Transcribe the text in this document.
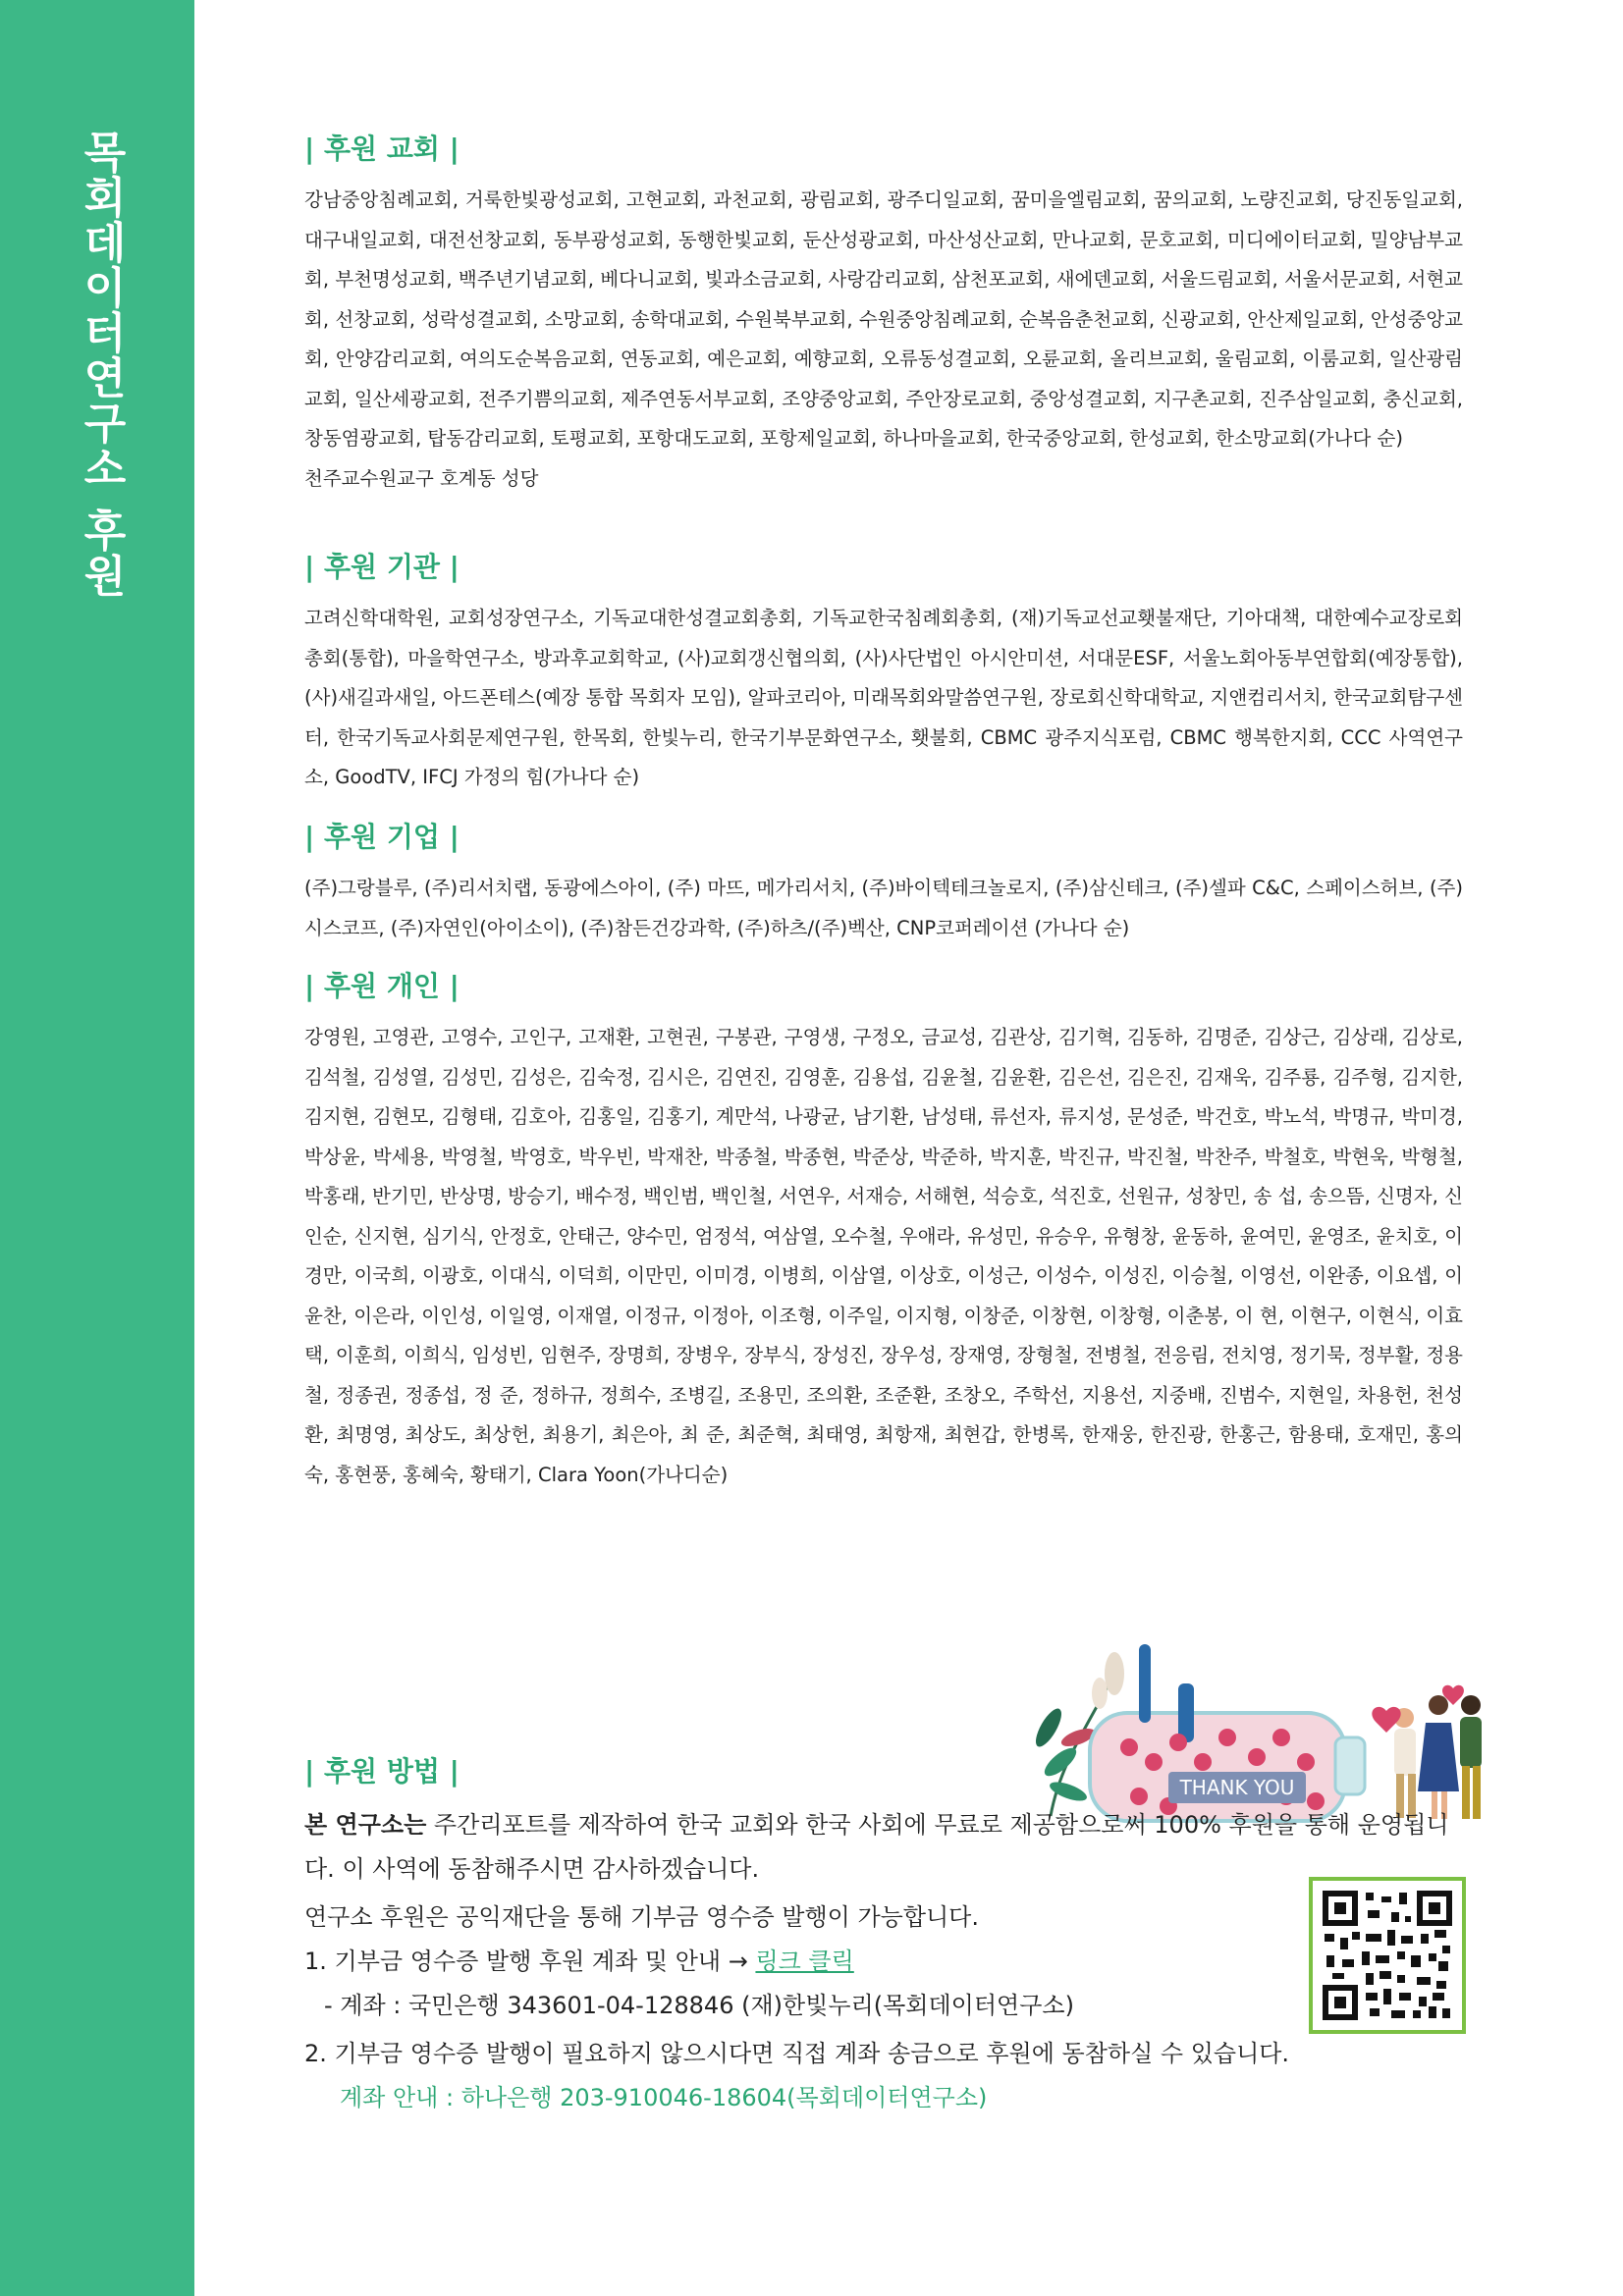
목회데이터연구소 후원	| 후원 교회 |

강남중앙침례교회, 거룩한빛광성교회, 고현교회, 과천교회, 광림교회, 광주디일교회, 꿈미을엘림교회, 꿈의교회, 노량진교회, 당진동일교회, 대구내일교회, 대전선창교회, 동부광성교회, 동행한빛교회, 둔산성광교회, 마산성산교회, 만나교회, 문호교회, 미디에이터교회, 밀양남부교회, 부천명성교회, 백주년기념교회, 베다니교회, 빛과소금교회, 사랑감리교회, 삼천포교회, 새에덴교회, 서울드림교회, 서울서문교회, 서현교회, 선창교회, 성락성결교회, 소망교회, 송학대교회, 수원북부교회, 수원중앙침례교회, 순복음춘천교회, 신광교회, 안산제일교회, 안성중앙교회, 안양감리교회, 여의도순복음교회, 연동교회, 예은교회, 예향교회, 오류동성결교회, 오륜교회, 올리브교회, 울림교회, 이룸교회, 일산광림교회, 일산세광교회, 전주기쁨의교회, 제주연동서부교회, 조양중앙교회, 주안장로교회, 중앙성결교회, 지구촌교회, 진주삼일교회, 충신교회, 창동염광교회, 탑동감리교회, 토평교회, 포항대도교회, 포항제일교회, 하나마을교회, 한국중앙교회, 한성교회, 한소망교회(가나다 순)

천주교수원교구 호계동 성당

| 후원 기관 |

고려신학대학원, 교회성장연구소, 기독교대한성결교회총회, 기독교한국침례회총회, (재)기독교선교횃불재단, 기아대책, 대한예수교장로회총회(통합), 마을학연구소, 방과후교회학교, (사)교회갱신협의회, (사)사단법인 아시안미션, 서대문ESF, 서울노회아동부연합회(예장통합), (사)새길과새일, 아드폰테스(예장 통합 목회자 모임), 알파코리아, 미래목회와말씀연구원, 장로회신학대학교, 지앤컴리서치, 한국교회탐구센터, 한국기독교사회문제연구원, 한목회, 한빛누리, 한국기부문화연구소, 횃불회, CBMC 광주지식포럼, CBMC 행복한지회, CCC 사역연구소, GoodTV, IFCJ 가정의 힘(가나다 순)

| 후원 기업 |

(주)그랑블루, (주)리서치랩, 동광에스아이, (주) 마뜨, 메가리서치, (주)바이텍테크놀로지, (주)삼신테크, (주)셀파 C&C, 스페이스허브, (주)시스코프, (주)자연인(아이소이), (주)참든건강과학, (주)하츠/(주)벡산, CNP코퍼레이션 (가나다 순)

| 후원 개인 |

강영원, 고영관, 고영수, 고인구, 고재환, 고현권, 구봉관, 구영생, 구정오, 금교성, 김관상, 김기혁, 김동하, 김명준, 김상근, 김상래, 김상로, 김석철, 김성열, 김성민, 김성은, 김숙정, 김시은, 김연진, 김영훈, 김용섭, 김윤철, 김윤환, 김은선, 김은진, 김재욱, 김주룡, 김주형, 김지한, 김지현, 김현모, 김형태, 김호아, 김홍일, 김홍기, 계만석, 나광균, 남기환, 남성태, 류선자, 류지성, 문성준, 박건호, 박노석, 박명규, 박미경, 박상윤, 박세용, 박영철, 박영호, 박우빈, 박재찬, 박종철, 박종현, 박준상, 박준하, 박지훈, 박진규, 박진철, 박찬주, 박철호, 박현욱, 박형철, 박홍래, 반기민, 반상명, 방승기, 배수정, 백인범, 백인철, 서연우, 서재승, 서해현, 석승호, 석진호, 선원규, 성창민, 송 섭, 송으뜸, 신명자, 신인순, 신지현, 심기식, 안정호, 안태근, 양수민, 엄정석, 여삼열, 오수철, 우애라, 유성민, 유승우, 유형창, 윤동하, 윤여민, 윤영조, 윤치호, 이경만, 이국희, 이광호, 이대식, 이덕희, 이만민, 이미경, 이병희, 이삼열, 이상호, 이성근, 이성수, 이성진, 이승철, 이영선, 이완종, 이요셉, 이윤찬, 이은라, 이인성, 이일영, 이재열, 이정규, 이정아, 이조형, 이주일, 이지형, 이창준, 이창현, 이창형, 이춘봉, 이 현, 이현구, 이현식, 이효택, 이훈희, 이희식, 임성빈, 임현주, 장명희, 장병우, 장부식, 장성진, 장우성, 장재영, 장형철, 전병철, 전응림, 전치영, 정기묵, 정부활, 정용철, 정종권, 정종섭, 정 준, 정하규, 정희수, 조병길, 조용민, 조의환, 조준환, 조창오, 주학선, 지용선, 지중배, 진범수, 지현일, 차용헌, 천성환, 최명영, 최상도, 최상헌, 최용기, 최은아, 최 준, 최준혁, 최태영, 최항재, 최현갑, 한병록, 한재웅, 한진광, 한홍근, 함용태, 호재민, 홍의숙, 홍현풍, 홍혜숙, 황태기, Clara Yoon(가나디순)

THANK YOU

| 후원 방법 |

본 연구소는 주간리포트를 제작하여 한국 교회와 한국 사회에 무료로 제공함으로써 100% 후원을 통해 운영됩니다. 이 사역에 동참해주시면 감사하겠습니다.

연구소 후원은 공익재단을 통해 기부금 영수증 발행이 가능합니다.

1. 기부금 영수증 발행 후원 계좌 및 안내 → 링크 클릭

- 계좌 : 국민은행 343601-04-128846 (재)한빛누리(목회데이터연구소)

2. 기부금 영수증 발행이 필요하지 않으시다면 직접 계좌 송금으로 후원에 동참하실 수 있습니다.

계좌 안내 : 하나은행 203-910046-18604(목회데이터연구소)
